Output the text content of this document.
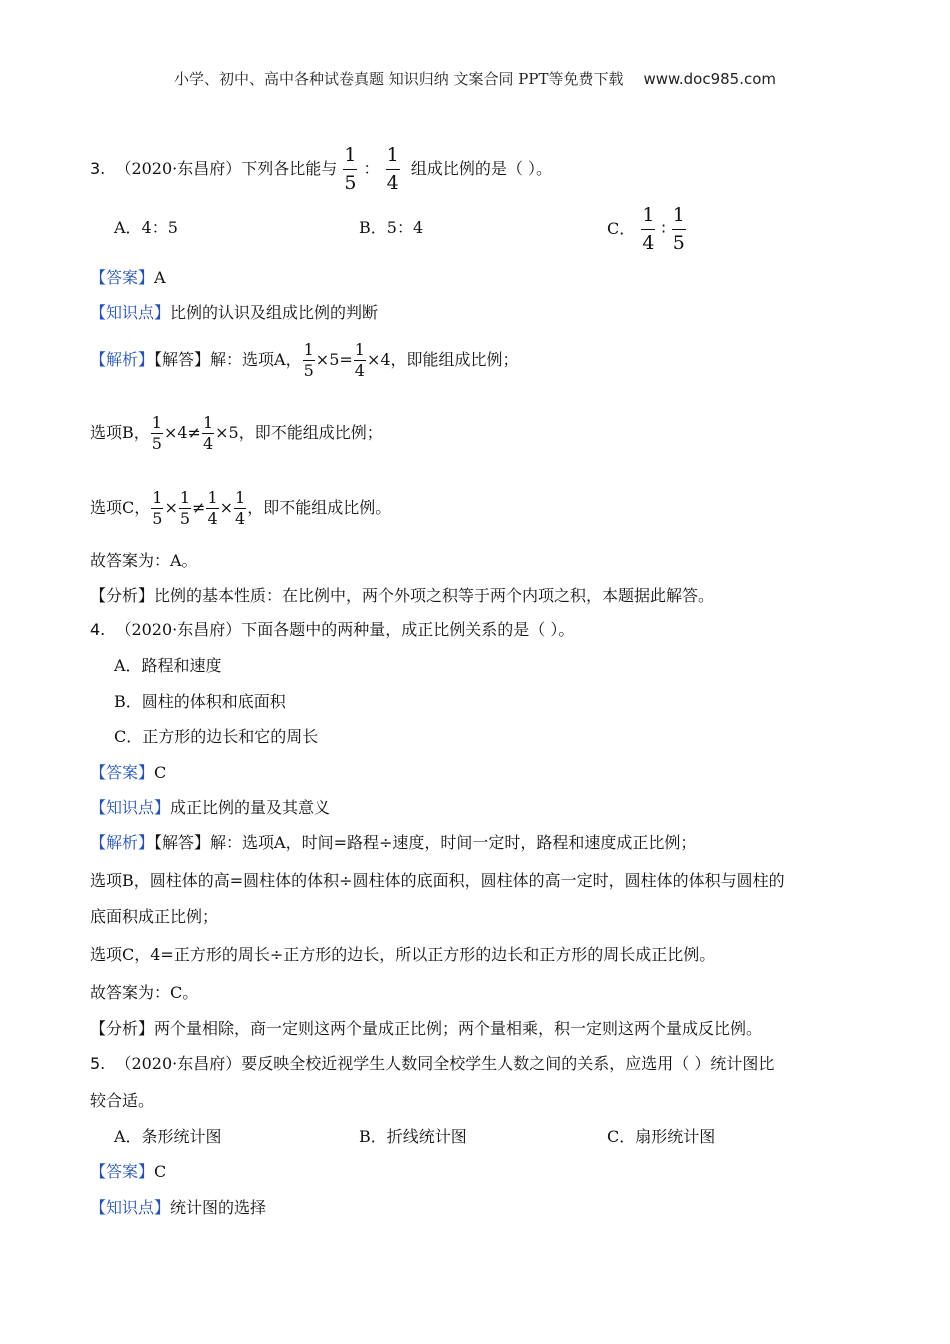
小学、初中、高中各种试卷真题 知识归纳 文案合同 PPT等免费下载 www.doc985.com
3. （2020·东昌府）下列各比能与 $\frac{1}{5}$ ： $\frac{1}{4}$ 组成比例的是（ ）。
A．4：5	B．5：4	C． $\frac{1}{4}$ ∶ $\frac{1}{5}$
【答案】A
【知识点】比例的认识及组成比例的判断
【解析】【解答】解：选项A， $\frac{1}{5} \times 5= \frac{1}{4} \times 4$，即能组成比例；
选项B， $\frac{1}{5} \times 4\ne \frac{1}{4} \times 5$，即不能组成比例；
选项C， $\frac{1}{5} \times \frac{1}{5} \ne \frac{1}{4} \times \frac{1}{4}$ ，即不能组成比例。
故答案为：A。
【分析】比例的基本性质：在比例中，两个外项之积等于两个内项之积，本题据此解答。
4. （2020·东昌府）下面各题中的两种量，成正比例关系的是（ ）。
A．路程和速度
B．圆柱的体积和底面积
C．正方形的边长和它的周长
【答案】C
【知识点】成正比例的量及其意义
【解析】【解答】解：选项A，时间=路程÷速度，时间一定时，路程和速度成正比例；
选项B，圆柱体的高=圆柱体的体积÷圆柱体的底面积，圆柱体的高一定时，圆柱体的体积与圆柱的
底面积成正比例；
选项C，4=正方形的周长÷正方形的边长，所以正方形的边长和正方形的周长成正比例。
故答案为：C。
【分析】两个量相除，商一定则这两个量成正比例；两个量相乘，积一定则这两个量成反比例。
5. （2020·东昌府）要反映全校近视学生人数同全校学生人数之间的关系，应选用（ ）统计图比
较合适。
A．条形统计图	B．折线统计图	C．扇形统计图
【答案】C
【知识点】统计图的选择
